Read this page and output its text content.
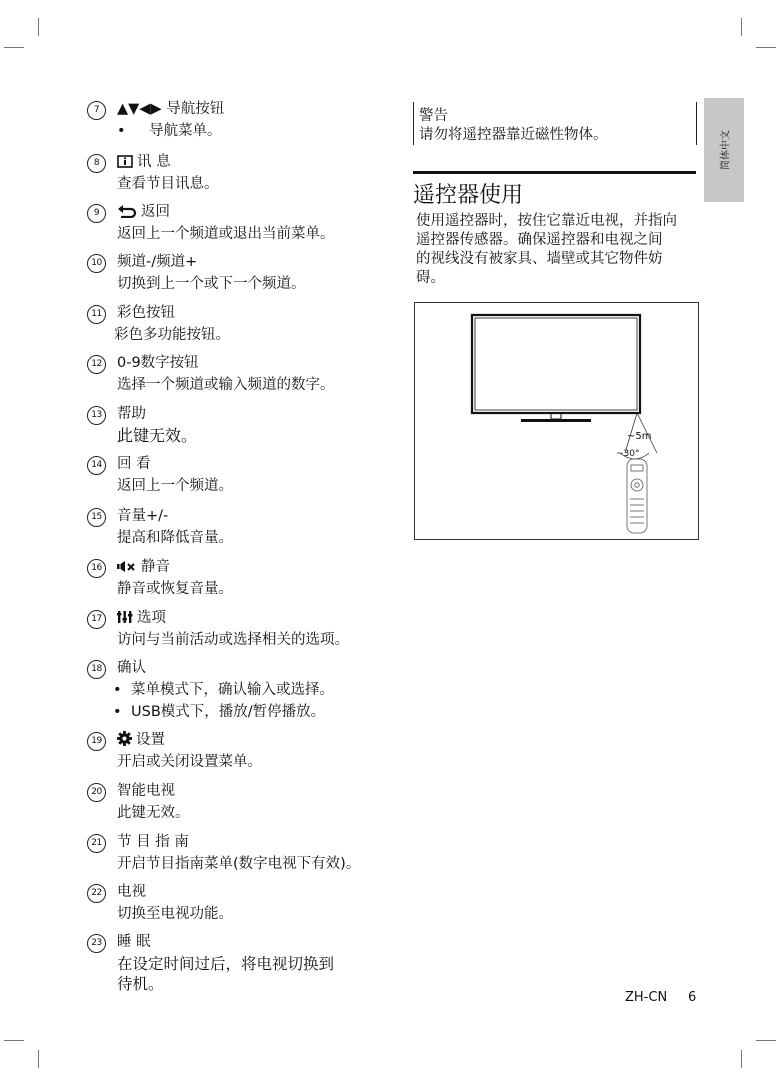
7	▲▼◀▶ 导航按钮
• 导航菜单。
8	讯 息
查看节目讯息。
9	返回
返回上一个频道或退出当前菜单。
10 频道-/频道+
切换到上一个或下一个频道。
11 彩色按钮
彩色多功能按钮。
12 0-9数字按钮
选择一个频道或输入频道的数字。
13 帮助
此键无效。
14 回 看
返回上一个频道。
15 音量+/-
提高和降低音量。
16	静音
静音或恢复音量。
17	选项
访问与当前活动或选择相关的选项。
18 确认
• 菜单模式下，确认输入或选择。
• USB模式下，播放/暂停播放。
19	设置
开启或关闭设置菜单。
20 智能电视
此键无效。
21 节 目 指 南
开启节目指南菜单(数字电视下有效)。
22 电视
切换至电视功能。
23 睡 眠
在设定时间过后，将电视切换到
待机。
警告
请勿将遥控器靠近磁性物体。
遥控器使用
使用遥控器时，按住它靠近电视，并指向
遥控器传感器。确保遥控器和电视之间
的视线没有被家具、墙壁或其它物件妨
碍。
简体中文
~5m
~30°
ZH-CN 6
